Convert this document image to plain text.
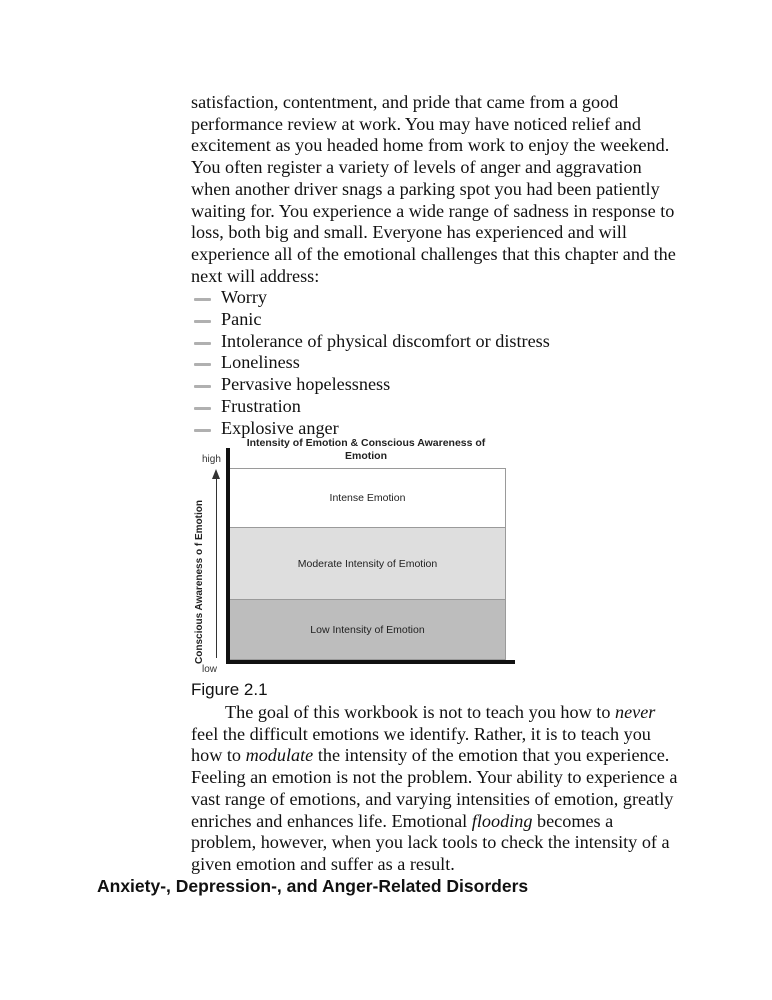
satisfaction, contentment, and pride that came from a good performance review at work. You may have noticed relief and excitement as you headed home from work to enjoy the weekend. You often register a variety of levels of anger and aggravation when another driver snags a parking spot you had been patiently waiting for. You experience a wide range of sadness in response to loss, both big and small. Everyone has experienced and will experience all of the emotional challenges that this chapter and the next will address:

Worry
Panic
Intolerance of physical discomfort or distress
Loneliness
Pervasive hopelessness
Frustration
Explosive anger
Intensity of Emotion & Conscious Awareness of Emotion
high
low
Conscious Awareness o f Emotion
Intense Emotion
Moderate Intensity of Emotion
Low Intensity of Emotion
Figure 2.1

The goal of this workbook is not to teach you how to never feel the difficult emotions we identify. Rather, it is to teach you how to modulate the intensity of the emotion that you experience. Feeling an emotion is not the problem. Your ability to experience a vast range of emotions, and varying intensities of emotion, greatly enriches and enhances life. Emotional flooding becomes a problem, however, when you lack tools to check the intensity of a given emotion and suffer as a result.

Anxiety-, Depression-, and Anger-Related Disorders
